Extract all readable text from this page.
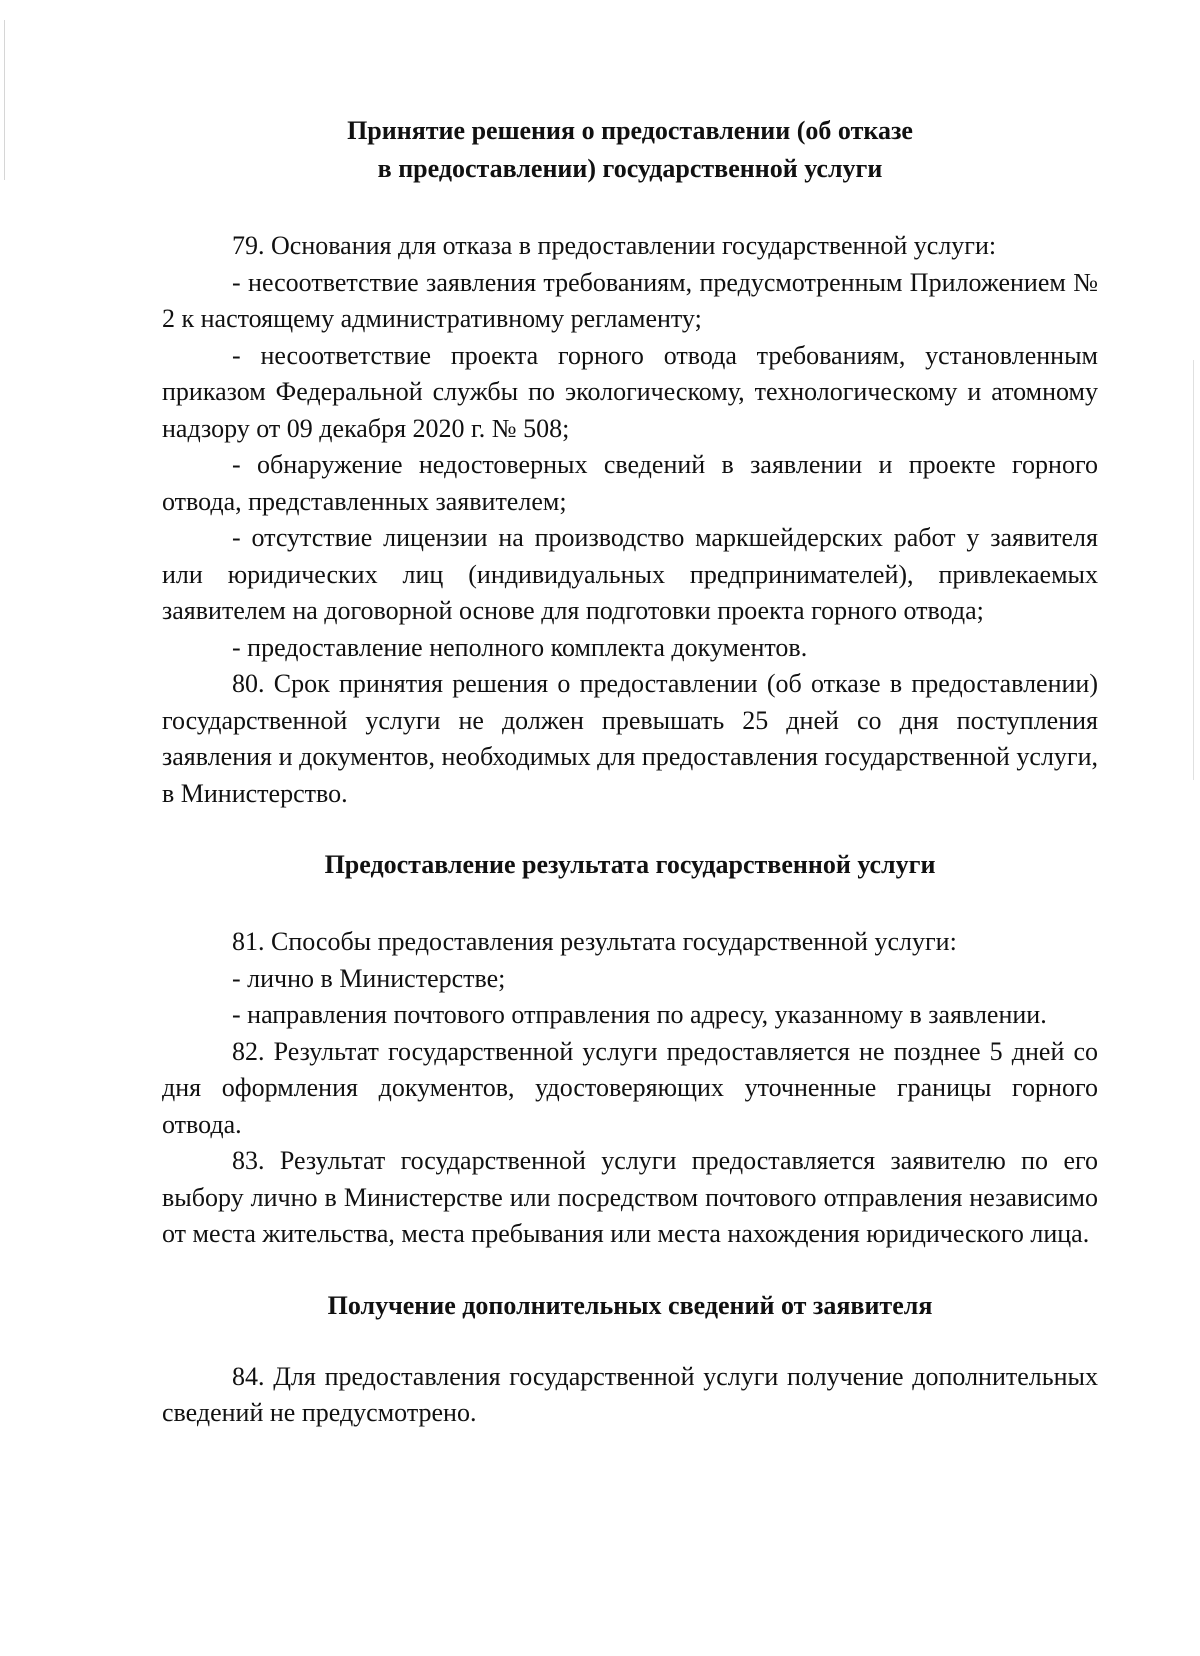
Принятие решения о предоставлении (об отказе
в предоставлении) государственной услуги

79. Основания для отказа в предоставлении государственной услуги:

- несоответствие заявления требованиям, предусмотренным Приложением № 2 к настоящему административному регламенту;

- несоответствие проекта горного отвода требованиям, установленным приказом Федеральной службы по экологическому, технологическому и атомному надзору от 09 декабря 2020 г. № 508;

- обнаружение недостоверных сведений в заявлении и проекте горного отвода, представленных заявителем;

- отсутствие лицензии на производство маркшейдерских работ у заявителя или юридических лиц (индивидуальных предпринимателей), привлекаемых заявителем на договорной основе для подготовки проекта горного отвода;

- предоставление неполного комплекта документов.

80. Срок принятия решения о предоставлении (об отказе в предоставлении) государственной услуги не должен превышать 25 дней со дня поступления заявления и документов, необходимых для предоставления государственной услуги, в Министерство.

Предоставление результата государственной услуги

81. Способы предоставления результата государственной услуги:

- лично в Министерстве;

- направления почтового отправления по адресу, указанному в заявлении.

82. Результат государственной услуги предоставляется не позднее 5 дней со дня оформления документов, удостоверяющих уточненные границы горного отвода.

83. Результат государственной услуги предоставляется заявителю по его выбору лично в Министерстве или посредством почтового отправления независимо от места жительства, места пребывания или места нахождения юридического лица.

Получение дополнительных сведений от заявителя

84. Для предоставления государственной услуги получение дополнительных сведений не предусмотрено.
